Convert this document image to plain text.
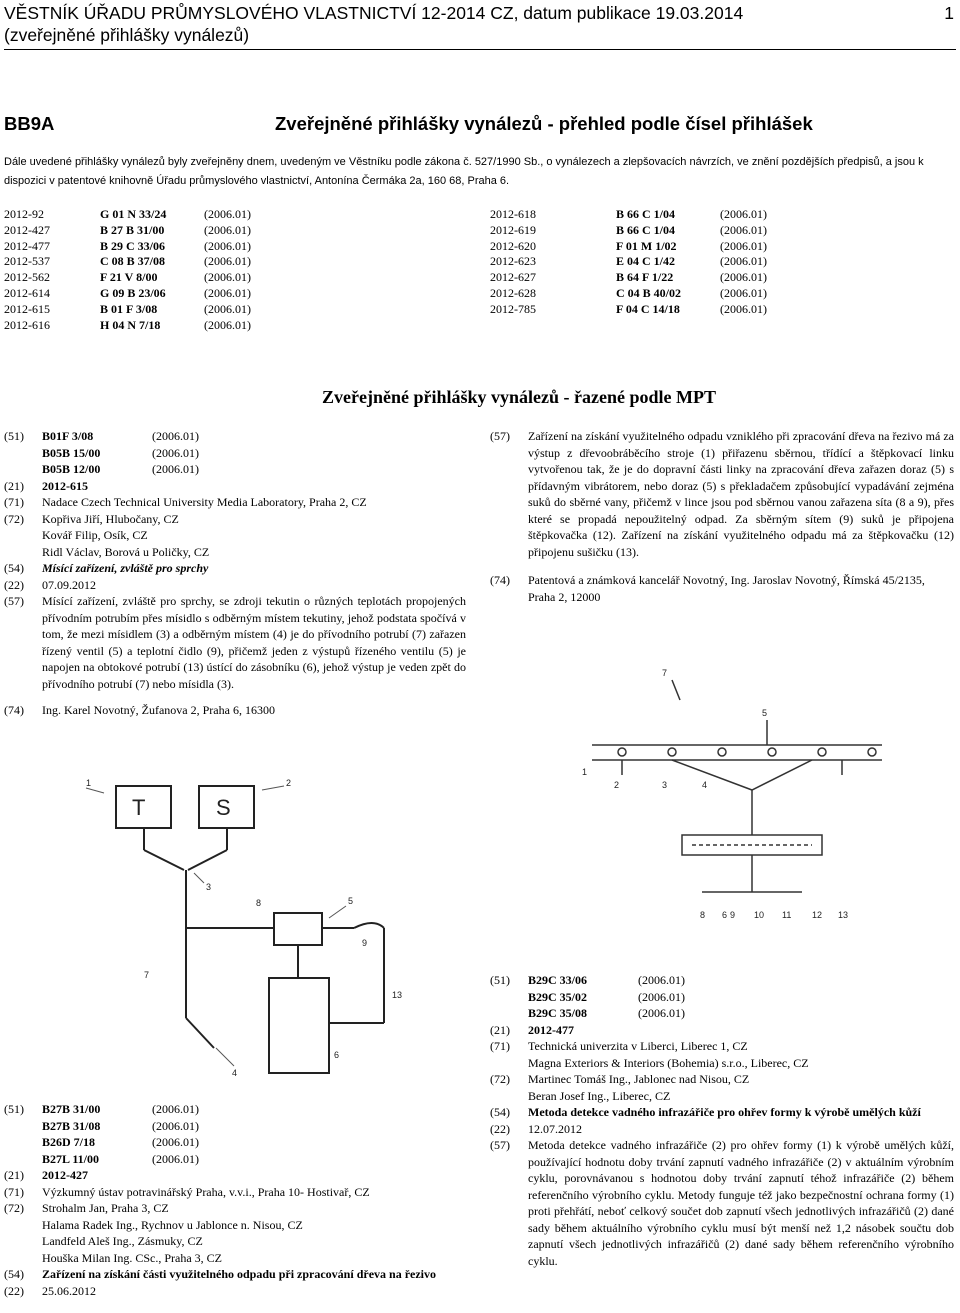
VĚSTNÍK ÚŘADU PRŮMYSLOVÉHO VLASTNICTVÍ 12-2014 CZ, datum publikace 19.03.2014
(zveřejněné přihlášky vynálezů)
1
BB9A	Zveřejněné přihlášky vynálezů - přehled podle čísel přihlášek
Dále uvedené přihlášky vynálezů byly zveřejněny dnem, uvedeným ve Věstníku podle zákona č. 527/1990 Sb., o vynálezech a zlepšovacích návrzích, ve znění pozdějších předpisů, a jsou k dispozici v patentové knihovně Úřadu průmyslového vlastnictví, Antonína Čermáka 2a, 160 68, Praha 6.
2012-92	G 01 N 33/24	(2006.01)
2012-427	B 27 B 31/00	(2006.01)
2012-477	B 29 C 33/06	(2006.01)
2012-537	C 08 B 37/08	(2006.01)
2012-562	F 21 V 8/00	(2006.01)
2012-614	G 09 B 23/06	(2006.01)
2012-615	B 01 F 3/08	(2006.01)
2012-616	H 04 N 7/18	(2006.01)
2012-618	B 66 C 1/04	(2006.01)
2012-619	B 66 C 1/04	(2006.01)
2012-620	F 01 M 1/02	(2006.01)
2012-623	E 04 C 1/42	(2006.01)
2012-627	B 64 F 1/22	(2006.01)
2012-628	C 04 B 40/02	(2006.01)
2012-785	F 04 C 14/18	(2006.01)
Zveřejněné přihlášky vynálezů - řazené podle MPT
(51) B01F 3/08	(2006.01)
B05B 15/00	(2006.01)
B05B 12/00	(2006.01)
(21) 2012-615
(71) Nadace Czech Technical University Media Laboratory, Praha 2, CZ
(72) Kopřiva Jiří, Hlubočany, CZ
Kovář Filip, Osík, CZ
Ridl Václav, Borová u Poličky, CZ
(54) Mísící zařízení, zvláště pro sprchy
(22) 07.09.2012
(57) Mísící zařízení, zvláště pro sprchy, se zdroji tekutin o různých teplotách propojených přívodním potrubím přes mísidlo s odběrným místem tekutiny, jehož podstata spočívá v tom, že mezi mísidlem (3) a odběrným místem (4) je do přívodního potrubí (7) zařazen řízený ventil (5) a teplotní čidlo (9), přičemž jeden z výstupů řízeného ventilu (5) je napojen na obtokové potrubí (13) ústící do zásobníku (6), jehož výstup je veden zpět do přívodního potrubí (7) nebo mísidla (3).
(74) Ing. Karel Novotný, Žufanova 2, Praha 6, 16300
(57) Zařízení na získání využitelného odpadu vzniklého při zpracování dřeva na řezivo má za výstup z dřevoobráběcího stroje (1) přiřazenu sběrnou, třídící a štěpkovací linku vytvořenou tak, že je do dopravní části linky na zpracování dřeva zařazen doraz (5) s přídavným vibrátorem, nebo doraz (5) s překladačem způsobující vypadávání zejména suků do sběrné vany, přičemž v lince jsou pod sběrnou vanou zařazena síta (8 a 9), přes které se propadá nepoužitelný odpad. Za sběrným sítem (9) suků je připojena štěpkovačka (12). Zařízení na získání využitelného odpadu má za štěpkovačku (12) připojenu sušičku (13).
(74) Patentová a známková kancelář Novotný, Ing. Jaroslav Novotný, Římská 45/2135, Praha 2, 12000
T	S
1	2
3
4
5
6
7
8
9
13
7
5
1
2	3	4
6
8	9 10 11 12 13
(51) B27B 31/00	(2006.01)
B27B 31/08	(2006.01)
B26D 7/18	(2006.01)
B27L 11/00	(2006.01)
(21) 2012-427
(71) Výzkumný ústav potravinářský Praha, v.v.i., Praha 10- Hostivař, CZ
(72) Strohalm Jan, Praha 3, CZ
Halama Radek Ing., Rychnov u Jablonce n. Nisou, CZ
Landfeld Aleš Ing., Zásmuky, CZ
Houška Milan Ing. CSc., Praha 3, CZ
(54) Zařízení na získání části využitelného odpadu při zpracování dřeva na řezivo
(22) 25.06.2012
(51) B29C 33/06	(2006.01)
B29C 35/02	(2006.01)
B29C 35/08	(2006.01)
(21) 2012-477
(71) Technická univerzita v Liberci, Liberec 1, CZ
Magna Exteriors & Interiors (Bohemia) s.r.o., Liberec, CZ
(72) Martinec Tomáš Ing., Jablonec nad Nisou, CZ
Beran Josef Ing., Liberec, CZ
(54) Metoda detekce vadného infrazářiče pro ohřev formy k výrobě umělých kůží
(22) 12.07.2012
(57) Metoda detekce vadného infrazářiče (2) pro ohřev formy (1) k výrobě umělých kůží, používající hodnotu doby trvání zapnutí vadného infrazářiče (2) v aktuálním výrobním cyklu, porovnávanou s hodnotou doby trvání zapnutí téhož infrazářiče (2) během referenčního výrobního cyklu. Metody funguje též jako bezpečnostní ochrana formy (1) proti přehřátí, neboť celkový součet dob zapnutí všech jednotlivých infrazářičů (2) dané sady během aktuálního výrobního cyklu musí být menší než 1,2 násobek součtu dob zapnutí všech jednotlivých infrazářičů (2) dané sady během referenčního výrobního cyklu.
